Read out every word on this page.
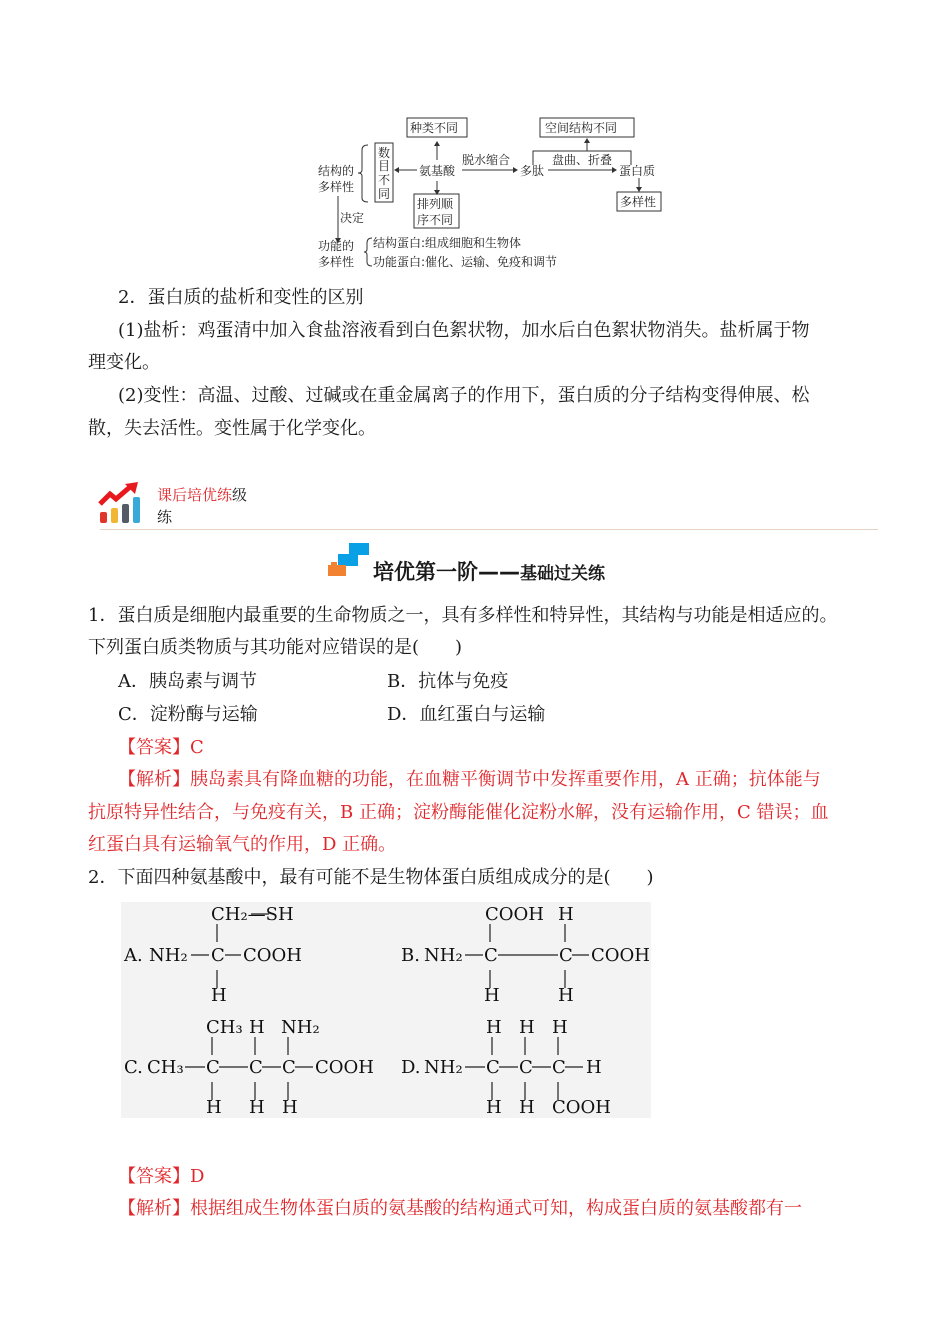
种类不同	空间结构不同
数
目
不
同
结构的
多样性
氨基酸
脱水缩合
多肽
盘曲、折叠
蛋白质
多样性
排列顺
序不同
决定
功能的
多样性
结构蛋白:组成细胞和生物体
功能蛋白:催化、运输、免疫和调节
2．蛋白质的盐析和变性的区别
(1)盐析：鸡蛋清中加入食盐溶液看到白色絮状物，加水后白色絮状物消失。盐析属于物
理变化。
(2)变性：高温、过酸、过碱或在重金属离子的作用下，蛋白质的分子结构变得伸展、松
散，失去活性。变性属于化学变化。
课后培优练级
练
培优第一阶——基础过关练
1．蛋白质是细胞内最重要的生命物质之一，具有多样性和特异性，其结构与功能是相适应的。
下列蛋白质类物质与其功能对应错误的是(　　)
A．胰岛素与调节	B．抗体与免疫
C．淀粉酶与运输	D．血红蛋白与运输
【答案】C
【解析】胰岛素具有降血糖的功能，在血糖平衡调节中发挥重要作用，A 正确；抗体能与
抗原特异性结合，与免疫有关，B 正确；淀粉酶能催化淀粉水解，没有运输作用，C 错误；血
红蛋白具有运输氧气的作用，D 正确。
2．下面四种氨基酸中，最有可能不是生物体蛋白质组成成分的是(　　)
A. NH₂ C COOH
CH₂—SH
H
B. NH₂ C	C COOH
COOH H
H	H
C. CH₃ C C C COOH
CH₃ H NH₂
H H H
D. NH₂ C C C H
H H H
H H COOH
【答案】D
【解析】根据组成生物体蛋白质的氨基酸的结构通式可知，构成蛋白质的氨基酸都有一
